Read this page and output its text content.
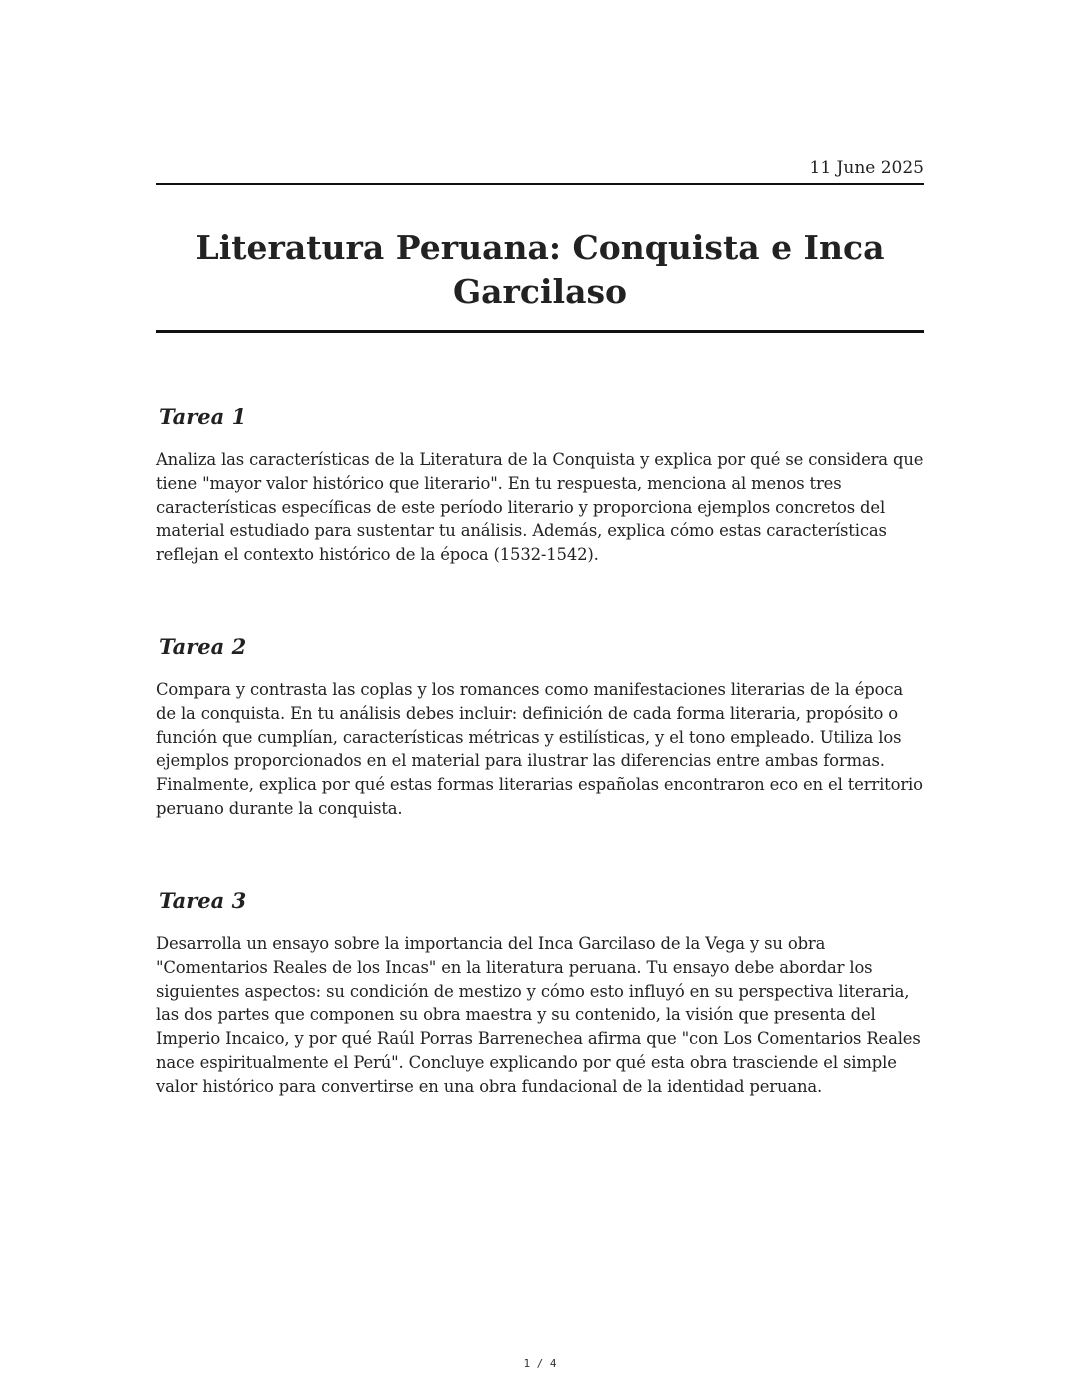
11 June 2025
Literatura Peruana: Conquista e Inca Garcilaso
Tarea 1

Analiza las características de la Literatura de la Conquista y explica por qué se considera que tiene "mayor valor histórico que literario". En tu respuesta, menciona al menos tres características específicas de este período literario y proporciona ejemplos concretos del material estudiado para sustentar tu análisis. Además, explica cómo estas características reflejan el contexto histórico de la época (1532-1542).

Tarea 2

Compara y contrasta las coplas y los romances como manifestaciones literarias de la época de la conquista. En tu análisis debes incluir: definición de cada forma literaria, propósito o función que cumplían, características métricas y estilísticas, y el tono empleado. Utiliza los ejemplos proporcionados en el material para ilustrar las diferencias entre ambas formas. Finalmente, explica por qué estas formas literarias españolas encontraron eco en el territorio peruano durante la conquista.

Tarea 3

Desarrolla un ensayo sobre la importancia del Inca Garcilaso de la Vega y su obra "Comentarios Reales de los Incas" en la literatura peruana. Tu ensayo debe abordar los siguientes aspectos: su condición de mestizo y cómo esto influyó en su perspectiva literaria, las dos partes que componen su obra maestra y su contenido, la visión que presenta del Imperio Incaico, y por qué Raúl Porras Barrenechea afirma que "con Los Comentarios Reales nace espiritualmente el Perú". Concluye explicando por qué esta obra trasciende el simple valor histórico para convertirse en una obra fundacional de la identidad peruana.

1 / 4
